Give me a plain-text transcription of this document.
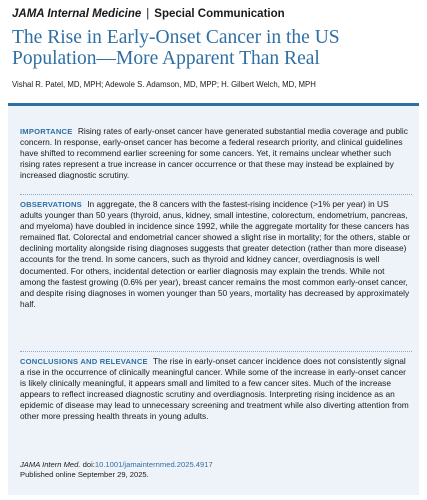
JAMA Internal Medicine | Special Communication
The Rise in Early-Onset Cancer in the US Population—More Apparent Than Real
Vishal R. Patel, MD, MPH; Adewole S. Adamson, MD, MPP; H. Gilbert Welch, MD, MPH
IMPORTANCE Rising rates of early-onset cancer have generated substantial media coverage and public concern. In response, early-onset cancer has become a federal research priority, and clinical guidelines have shifted to recommend earlier screening for some cancers. Yet, it remains unclear whether such rising rates represent a true increase in cancer occurrence or that these may instead be explained by increased diagnostic scrutiny.
OBSERVATIONS In aggregate, the 8 cancers with the fastest-rising incidence (>1% per year) in US adults younger than 50 years (thyroid, anus, kidney, small intestine, colorectum, endometrium, pancreas, and myeloma) have doubled in incidence since 1992, while the aggregate mortality for these cancers has remained flat. Colorectal and endometrial cancer showed a slight rise in mortality; for the others, stable or declining mortality alongside rising diagnoses suggests that greater detection (rather than more disease) accounts for the trend. In some cancers, such as thyroid and kidney cancer, overdiagnosis is well documented. For others, incidental detection or earlier diagnosis may explain the trends. While not among the fastest growing (0.6% per year), breast cancer remains the most common early-onset cancer, and despite rising diagnoses in women younger than 50 years, mortality has decreased by approximately half.
CONCLUSIONS AND RELEVANCE The rise in early-onset cancer incidence does not consistently signal a rise in the occurrence of clinically meaningful cancer. While some of the increase in early-onset cancer is likely clinically meaningful, it appears small and limited to a few cancer sites. Much of the increase appears to reflect increased diagnostic scrutiny and overdiagnosis. Interpreting rising incidence as an epidemic of disease may lead to unnecessary screening and treatment while also diverting attention from other more pressing health threats in young adults.
JAMA Intern Med. doi:10.1001/jamainternmed.2025.4917
Published online September 29, 2025.
